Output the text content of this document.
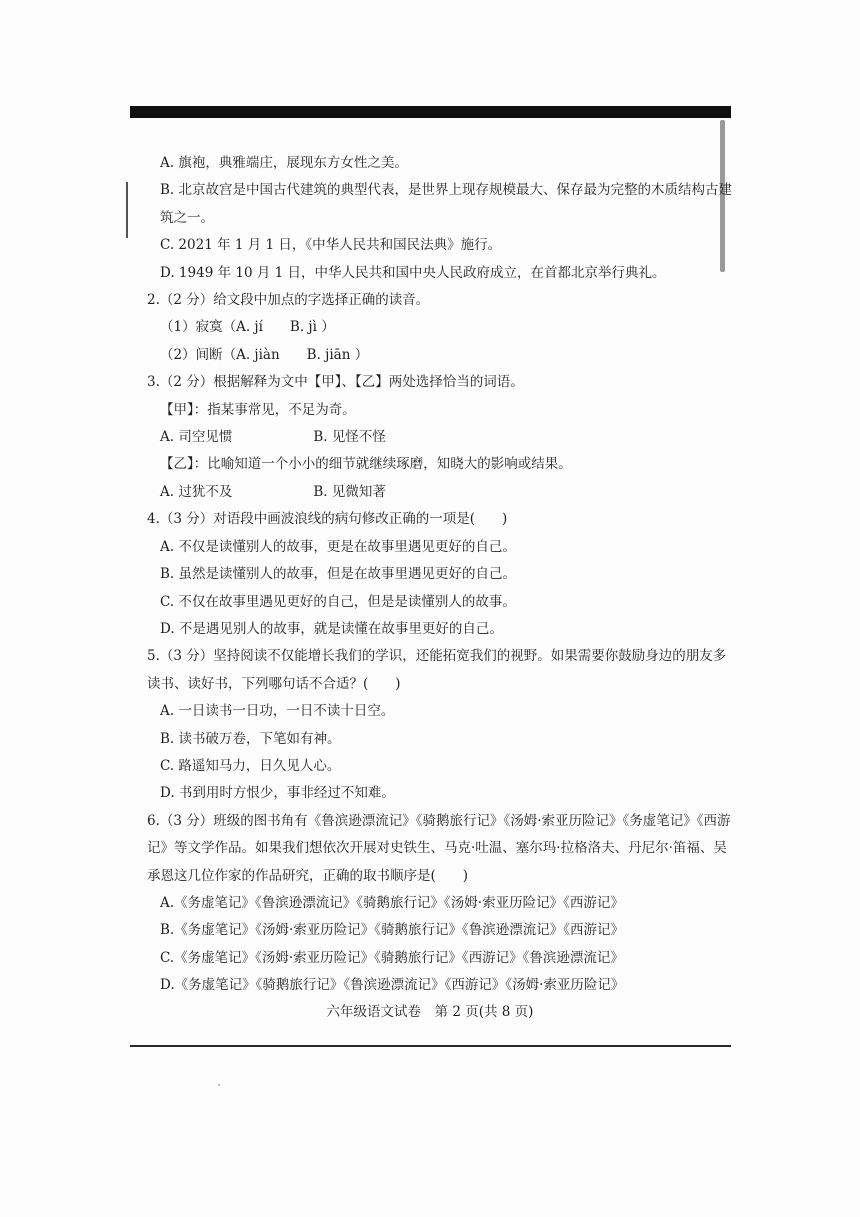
A. 旗袍，典雅端庄，展现东方女性之美。
B. 北京故宫是中国古代建筑的典型代表，是世界上现存规模最大、保存最为完整的木质结构古建筑之一。
C. 2021 年 1 月 1 日，《中华人民共和国民法典》施行。
D. 1949 年 10 月 1 日，中华人民共和国中央人民政府成立，在首都北京举行典礼。
2.（2 分）给文段中加点的字选择正确的读音。
（1）寂寞（A. jí　　B. jì ）
（2）间断（A. jiàn　　B. jiān ）
3.（2 分）根据解释为文中【甲】、【乙】两处选择恰当的词语。
【甲】：指某事常见，不足为奇。
A. 司空见惯　　　　　　B. 见怪不怪
【乙】：比喻知道一个小小的细节就继续琢磨，知晓大的影响或结果。
A. 过犹不及　　　　　　B. 见微知著
4.（3 分）对语段中画波浪线的病句修改正确的一项是(　　)
A. 不仅是读懂别人的故事，更是在故事里遇见更好的自己。
B. 虽然是读懂别人的故事，但是在故事里遇见更好的自己。
C. 不仅在故事里遇见更好的自己，但是是读懂别人的故事。
D. 不是遇见别人的故事，就是读懂在故事里更好的自己。
5.（3 分）坚持阅读不仅能增长我们的学识，还能拓宽我们的视野。如果需要你鼓励身边的朋友多读书、读好书，下列哪句话不合适？(　　)
A. 一日读书一日功，一日不读十日空。
B. 读书破万卷，下笔如有神。
C. 路遥知马力，日久见人心。
D. 书到用时方恨少，事非经过不知难。
6.（3 分）班级的图书角有《鲁滨逊漂流记》《骑鹅旅行记》《汤姆·索亚历险记》《务虚笔记》《西游记》等文学作品。如果我们想依次开展对史铁生、马克·吐温、塞尔玛·拉格洛夫、丹尼尔·笛福、吴承恩这几位作家的作品研究，正确的取书顺序是(　　)
A.《务虚笔记》《鲁滨逊漂流记》《骑鹅旅行记》《汤姆·索亚历险记》《西游记》
B.《务虚笔记》《汤姆·索亚历险记》《骑鹅旅行记》《鲁滨逊漂流记》《西游记》
C.《务虚笔记》《汤姆·索亚历险记》《骑鹅旅行记》《西游记》《鲁滨逊漂流记》
D.《务虚笔记》《骑鹅旅行记》《鲁滨逊漂流记》《西游记》《汤姆·索亚历险记》
六年级语文试卷　第 2 页(共 8 页)
